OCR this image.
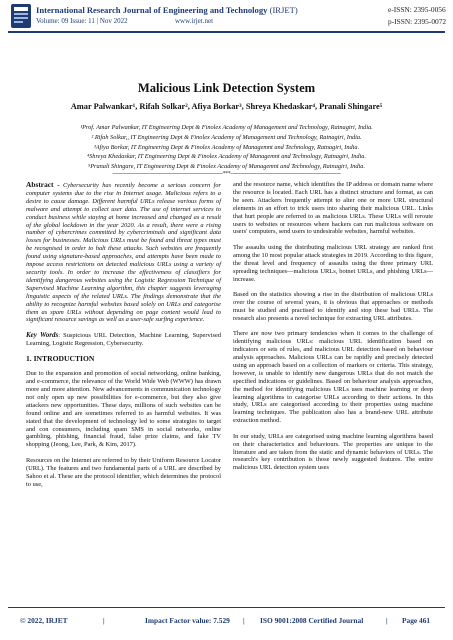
International Research Journal of Engineering and Technology (IRJET)	e-ISSN: 2395-0056
Volume: 09 Issue: 11 | Nov 2022	www.irjet.net	p-ISSN: 2395-0072
Malicious Link Detection System
Amar Palwankar¹, Rifah Solkar², Afiya Borkar³, Shreya Khedaskar⁴, Pranali Shingare⁵
¹Prof. Amar Palwankar, IT Engineering Dept & Finolex Academy of Management and Technology, Ratnagiri, India.
² Rifah Solkar,, IT Engineering Dept & Finolex Academy of Management and Technology, Ratnagiri, India.
³Afiya Borkar, IT Engineering Dept & Finolex Academy of Managemnt and Technology, Ratnagiri, India.
⁴Shreya Khedaskar, IT Engineering Dept & Finolex Academy of Managemnt and Technology, Ratnagiri, India.
⁵Pranali Shingare, IT Engineering Dept & Finolex Academy of Managemnt and Technology, Ratnagiri, India.
---------------------------------------------------------------------***---------------------------------------------------------------------

Abstract - Cybersecurity has recently become a serious concern for computer systems due to the rise in Internet usage. Malicious refers to a desire to cause damage. Different harmful URLs release various forms of malware and attempt to collect user data. The use of internet services to conduct business while staying at home increased and changed as a result of the global lockdown in the year 2020. As a result, there were a rising number of cybercrimes committed by cybercriminals and significant data losses for businesses. Malicious URLs must be found and threat types must be recognised in order to halt these attacks. Such websites are frequently found using signature-based approaches, and attempts have been made to impose access restrictions on detected malicious URLs using a variety of security tools. In order to increase the effectiveness of classifiers for identifying dangerous websites using the Logistic Regression Technique of Supervised Machine Learning algorithm, this chapter suggests leveraging linguistic aspects of the related URLs. The findings demonstrate that the ability to recognize harmful websites based solely on URLs and categorise them as spam URLs without depending on page content would lead to significant resource savings as well as a user-safe surfing experience.

Key Words: Suspicious URL Detection, Machine Learning, Supervised Learning, Logistic Regression, Cybersecurity.

1. INTRODUCTION

Due to the expansion and promotion of social networking, online banking, and e-commerce, the relevance of the World Wide Web (WWW) has drawn more and more attention. New advancements in communication technology not only open up new possibilities for e-commerce, but they also give attackers new opportunities. These days, millions of such websites can be found online and are sometimes referred to as harmful websites. It was stated that the development of technology led to some strategies to target and con consumers, including spam SMS in social networks, online gambling, phishing, financial fraud, false prize claims, and fake TV shopping (Jeong, Lee, Park, & Kim, 2017).

Resources on the Internet are referred to by their Uniform Resource Locator (URL). The features and two fundamental parts of a URL are described by Sahoo et al. These are the protocol identifier, which determines the protocol to use,

and the resource name, which identifies the IP address or domain name where the resource is located. Each URL has a distinct structure and format, as can be seen. Attackers frequently attempt to alter one or more URL structural elements in an effort to trick users into sharing their malicious URL. Links that hurt people are referred to as malicious URLs. These URLs will reroute users to websites or resources where hackers can run malicious software on users' computers, send users to undesirable websites, harmful websites.

The assaults using the distributing malicious URL strategy are ranked first among the 10 most popular attack strategies in 2019. According to this figure, the threat level and frequency of assaults using the three primary URL spreading techniques—malicious URLs, botnet URLs, and phishing URLs—increase.

Based on the statistics showing a rise in the distribution of malicious URLs over the course of several years, it is obvious that approaches or methods must be studied and practised to identify and stop these bad URLs. The research also presents a novel technique for extracting URL attributes.

There are now two primary tendencies when it comes to the challenge of identifying malicious URLs: malicious URL identification based on indicators or sets of rules, and malicious URL detection based on behaviour analysis approaches. Malicious URLs can be rapidly and precisely detected using an approach based on a collection of markers or criteria. This strategy, however, is unable to identify new dangerous URLs that do not match the specified indications or guidelines. Based on behaviour analysis approaches, the method for identifying malicious URLs uses machine learning or deep learning algorithms to categorise URLs according to their actions. In this study, URLs are categorised according to their properties using machine learning techniques. The publication also has a brand-new URL attribute extraction method.

In our study, URLs are categorised using machine learning algorithms based on their characteristics and behaviours. The properties are unique to the literature and are taken from the static and dynamic behaviors of URLs. The research's key contribution is those newly suggested features. The entire malicious URL detection system uses

© 2022, IRJET	|	Impact Factor value: 7.529 | ISO 9001:2008 Certified Journal	| Page 461
